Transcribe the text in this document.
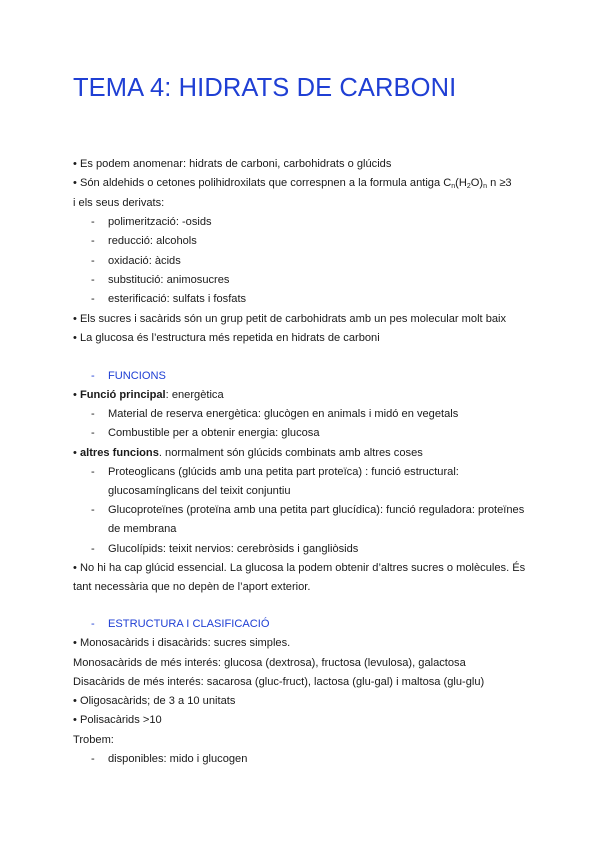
TEMA 4: HIDRATS DE CARBONI
• Es podem anomenar: hidrats de carboni, carbohidrats o glúcids
• Són aldehids o cetones polihidroxilats que correspnen a la formula antiga $C_n(H_2O)_n$ n ≥3
i els seus derivats:
- polimerització: -osids
- reducció: alcohols
- oxidació: àcids
- substitució: animosucres
- esterificació: sulfats i fosfats
• Els sucres i sacàrids són un grup petit de carbohidrats amb un pes molecular molt baix
• La glucosa és l’estructura més repetida en hidrats de carboni
- FUNCIONS
• Funció principal: energètica
- Material de reserva energètica: glucògen en animals i midó en vegetals
- Combustible per a obtenir energia: glucosa
• altres funcions. normalment són glúcids combinats amb altres coses
- Proteoglicans (glúcids amb una petita part proteïca) : funció estructural:
glucosamínglicans del teixit conjuntiu
- Glucoproteïnes (proteïna amb una petita part glucídica): funció reguladora: proteïnes
de membrana
- Glucolípids: teixit nervios: cerebròsids i gangliòsids
• No hi ha cap glúcid essencial. La glucosa la podem obtenir d’altres sucres o molècules. És
tant necessària que no depèn de l’aport exterior.
- ESTRUCTURA I CLASIFICACIÓ
• Monosacàrids i disacàrids: sucres simples.
Monosacàrids de més interés: glucosa (dextrosa), fructosa (levulosa), galactosa
Disacàrids de més interés: sacarosa (gluc-fruct), lactosa (glu-gal) i maltosa (glu-glu)
• Oligosacàrids; de 3 a 10 unitats
• Polisacàrids >10
Trobem:
- disponibles: mido i glucogen
